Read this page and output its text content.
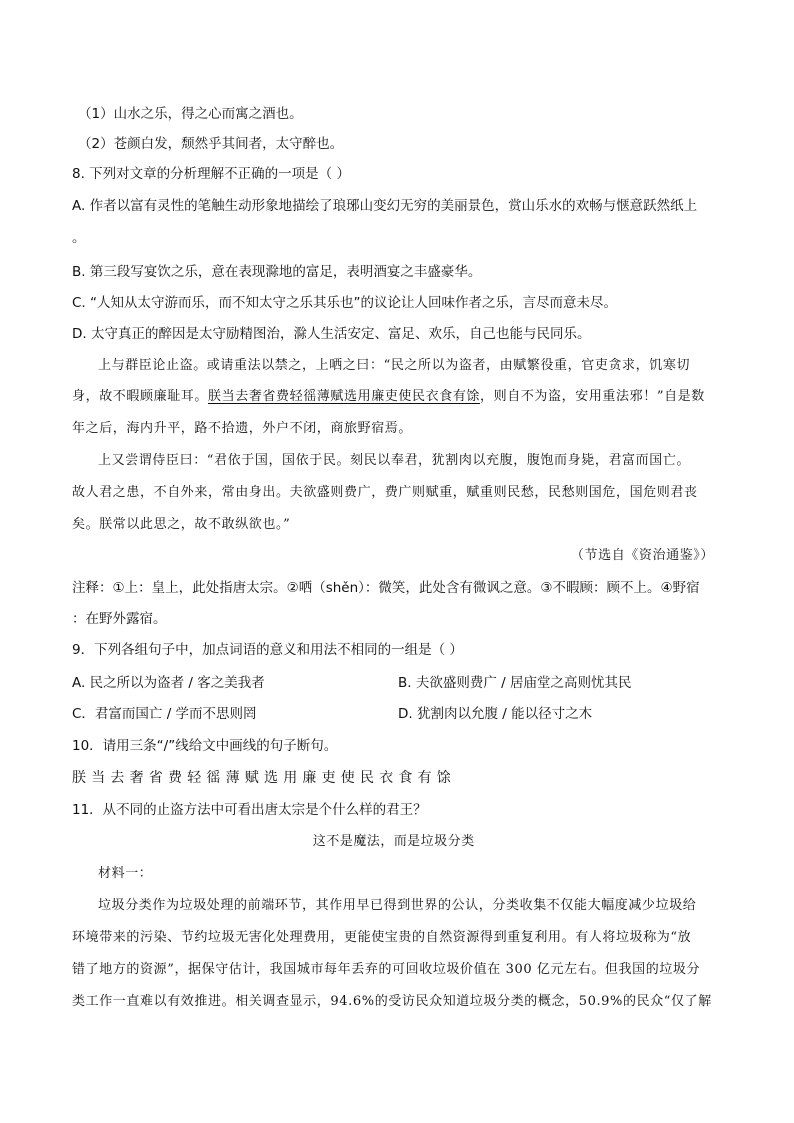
（1）山水之乐，得之心而寓之酒也。
（2）苍颜白发，颓然乎其间者，太守醉也。
8. 下列对文章的分析理解不正确的一项是（ ）
A. 作者以富有灵性的笔触生动形象地描绘了琅琊山变幻无穷的美丽景色，赏山乐水的欢畅与惬意跃然纸上
。
B. 第三段写宴饮之乐，意在表现滁地的富足，表明酒宴之丰盛豪华。
C. “人知从太守游而乐，而不知太守之乐其乐也”的议论让人回味作者之乐，言尽而意未尽。
D. 太守真正的醉因是太守励精图治，滁人生活安定、富足、欢乐，自己也能与民同乐。
上与群臣论止盗。或请重法以禁之，上哂之曰：“民之所以为盗者，由赋繁役重，官吏贪求，饥寒切
身，故不暇顾廉耻耳。朕当去奢省费轻徭薄赋选用廉吏使民衣食有馀，则自不为盗，安用重法邪！”自是数
年之后，海内升平，路不拾遗，外户不闭，商旅野宿焉。
上又尝谓侍臣曰：“君依于国，国依于民。刻民以奉君，犹割肉以充腹，腹饱而身毙，君富而国亡。
故人君之患，不自外来，常由身出。夫欲盛则费广，费广则赋重，赋重则民愁，民愁则国危，国危则君丧
矣。朕常以此思之，故不敢纵欲也。”
（节选自《资治通鉴》）
注释：①上：皇上，此处指唐太宗。②哂（shěn）：微笑，此处含有微讽之意。③不暇顾：顾不上。④野宿
：在野外露宿。
9．下列各组句子中，加点词语的意义和用法不相同的一组是（ ）
A. 民之所以为盗者 / 客之美我者	B. 夫欲盛则费广 / 居庙堂之高则忧其民
C．君富而国亡 / 学而不思则罔	D. 犹割肉以允腹 / 能以径寸之木
10．请用三条“/”线给文中画线的句子断句。
朕当去奢省费轻徭薄赋选用廉吏使民衣食有馀
11．从不同的止盗方法中可看出唐太宗是个什么样的君王？
这不是魔法，而是垃圾分类
材料一：
垃圾分类作为垃圾处理的前端环节，其作用早已得到世界的公认，分类收集不仅能大幅度减少垃圾给
环境带来的污染、节约垃圾无害化处理费用，更能使宝贵的自然资源得到重复利用。有人将垃圾称为“放
错了地方的资源”，据保守估计，我国城市每年丢弃的可回收垃圾价值在 300 亿元左右。但我国的垃圾分
类工作一直难以有效推进。相关调查显示，94.6%的受访民众知道垃圾分类的概念，50.9%的民众“仅了解
